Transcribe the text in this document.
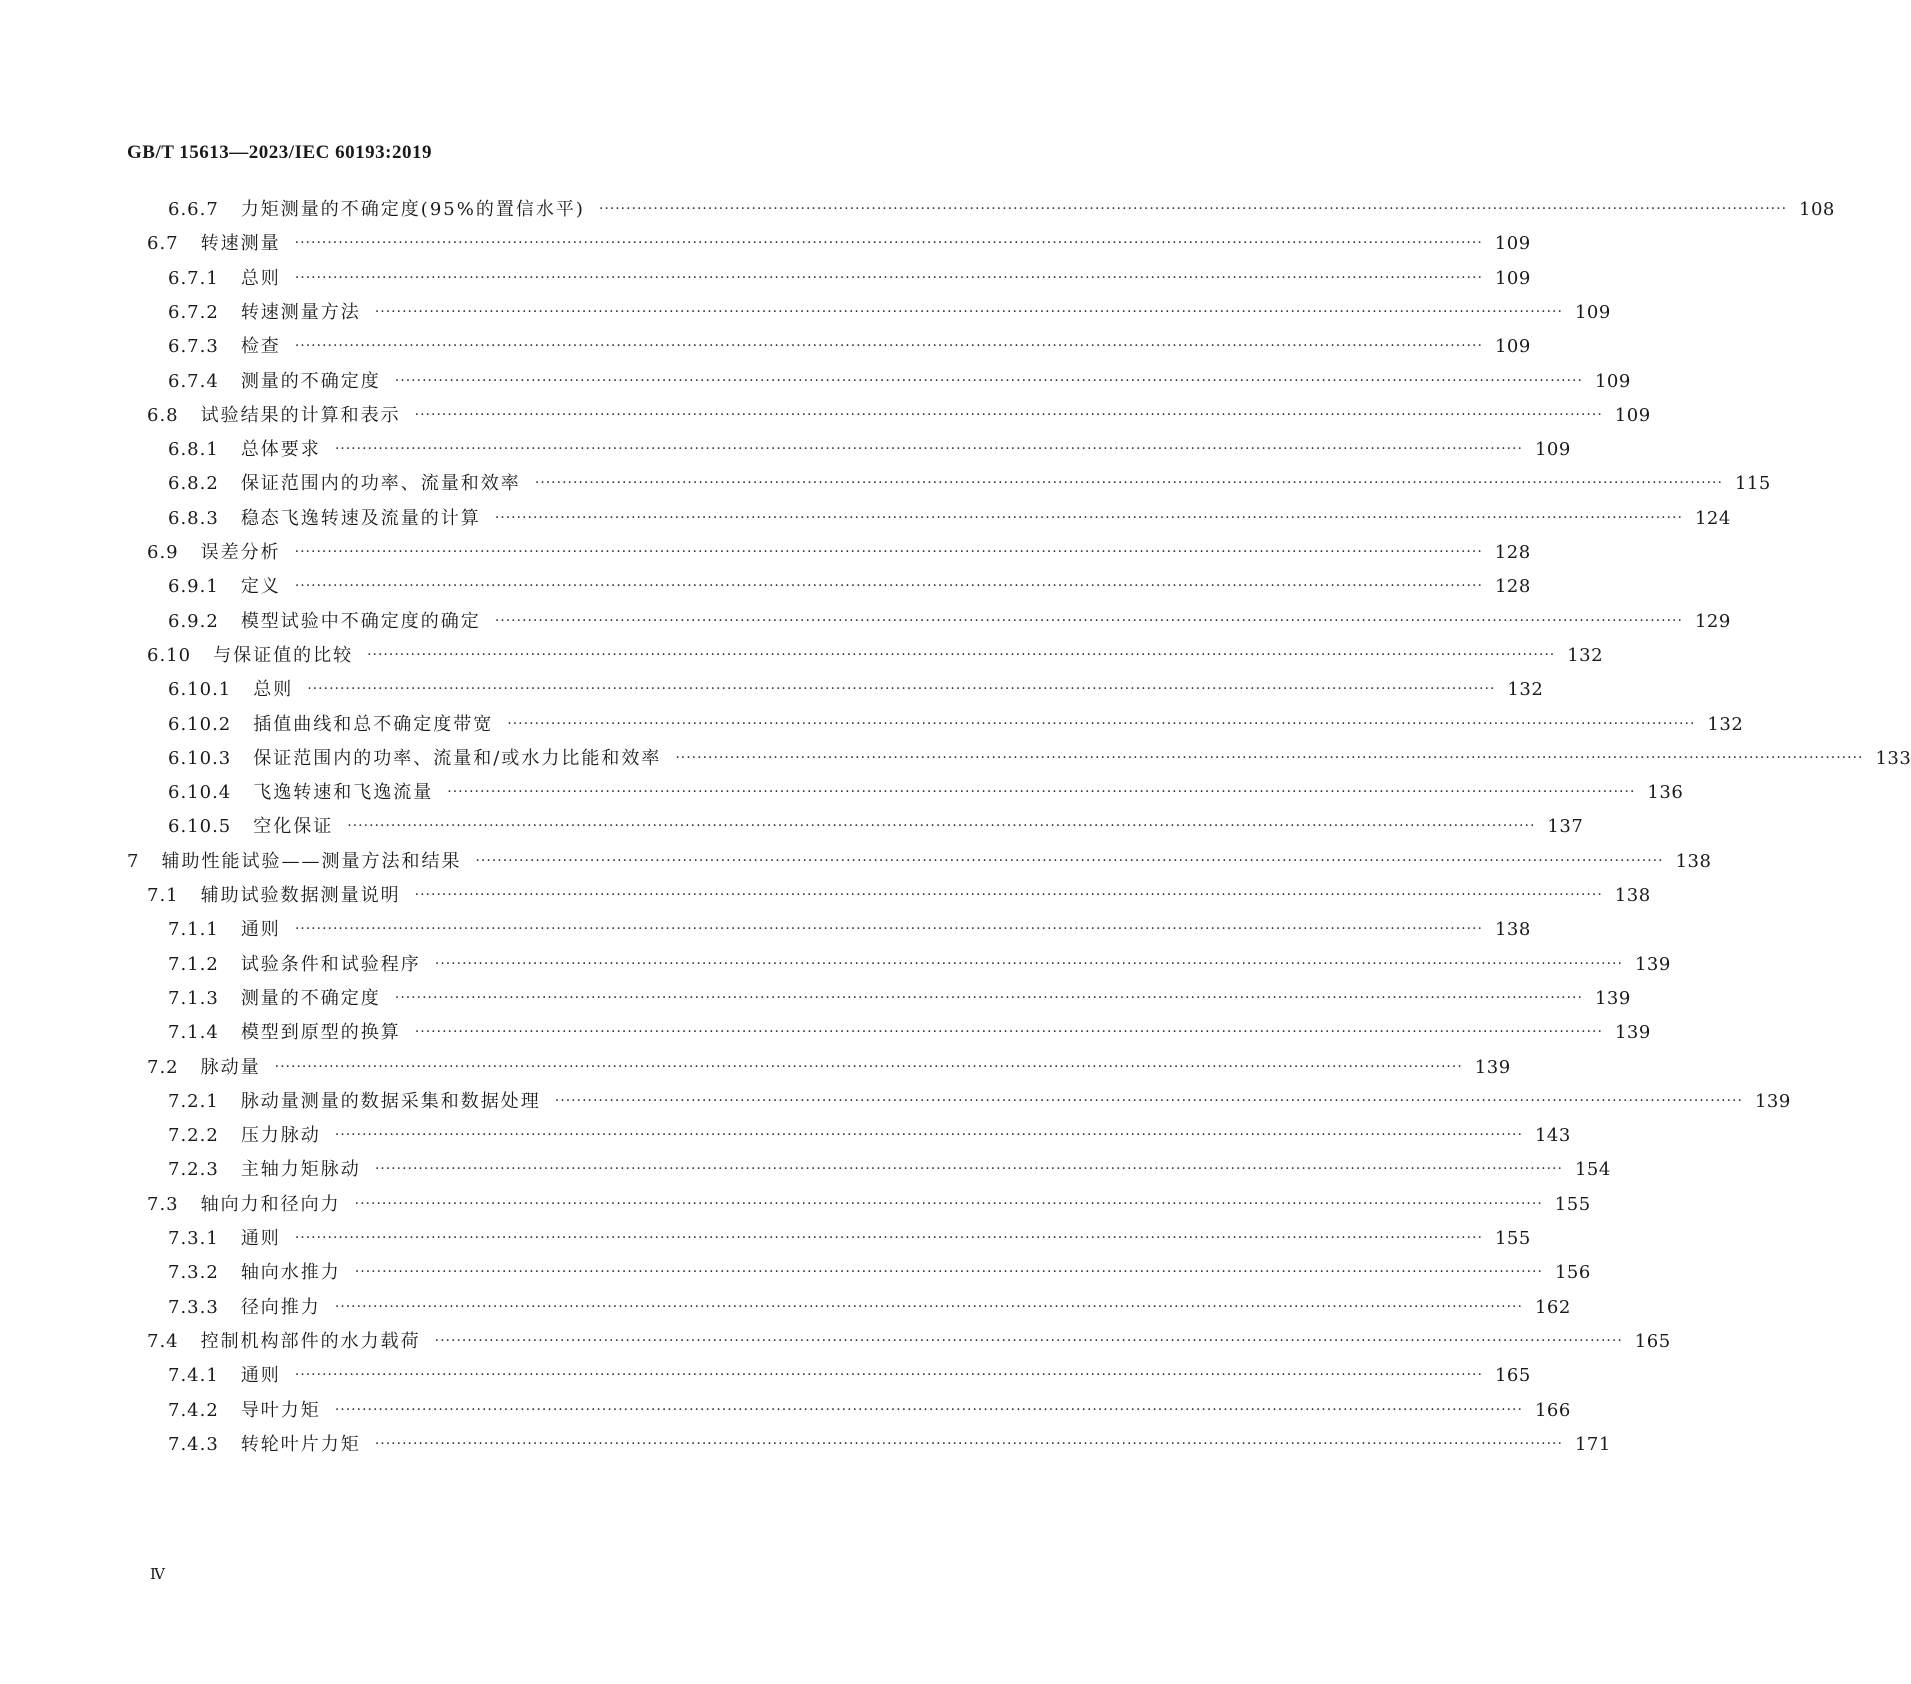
GB/T 15613—2023/IEC 60193:2019
6.6.7	力矩测量的不确定度(95%的置信水平) ·····	108
6.7	转速测量 ·····	109
6.7.1	总则 ·····	109
6.7.2	转速测量方法 ·····	109
6.7.3	检查 ·····	109
6.7.4	测量的不确定度 ·····	109
6.8	试验结果的计算和表示 ·····	109
6.8.1	总体要求 ·····	109
6.8.2	保证范围内的功率、流量和效率 ·····	115
6.8.3	稳态飞逸转速及流量的计算 ·····	124
6.9	误差分析 ·····	128
6.9.1	定义 ·····	128
6.9.2	模型试验中不确定度的确定 ·····	129
6.10	与保证值的比较 ·····	132
6.10.1	总则 ·····	132
6.10.2	插值曲线和总不确定度带宽 ·····	132
6.10.3	保证范围内的功率、流量和/或水力比能和效率 ·····	133
6.10.4	飞逸转速和飞逸流量 ·····	136
6.10.5	空化保证 ·····	137
7	辅助性能试验——测量方法和结果 ·····	138
7.1	辅助试验数据测量说明 ·····	138
7.1.1	通则 ·····	138
7.1.2	试验条件和试验程序 ·····	139
7.1.3	测量的不确定度 ·····	139
7.1.4	模型到原型的换算 ·····	139
7.2	脉动量 ·····	139
7.2.1	脉动量测量的数据采集和数据处理 ·····	139
7.2.2	压力脉动 ·····	143
7.2.3	主轴力矩脉动 ·····	154
7.3	轴向力和径向力 ·····	155
7.3.1	通则 ·····	155
7.3.2	轴向水推力 ·····	156
7.3.3	径向推力 ·····	162
7.4	控制机构部件的水力载荷 ·····	165
7.4.1	通则 ·····	165
7.4.2	导叶力矩 ·····	166
7.4.3	转轮叶片力矩 ·····	171
Ⅳ
